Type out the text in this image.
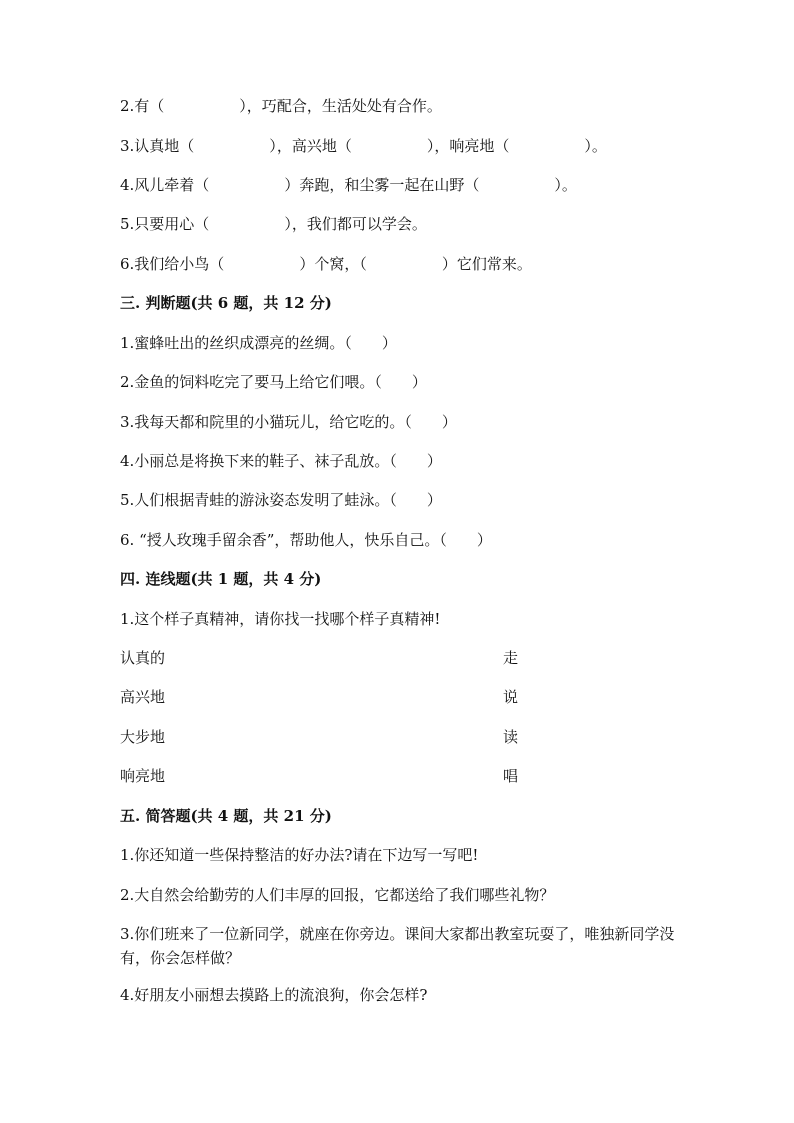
2.有（　　　　　），巧配合，生活处处有合作。
3.认真地（　　　　　），高兴地（　　　　　），响亮地（　　　　　）。
4.风儿牵着（　　　　　）奔跑，和尘雾一起在山野（　　　　　）。
5.只要用心（　　　　　），我们都可以学会。
6.我们给小鸟（　　　　　）个窝，（　　　　　）它们常来。
三. 判断题(共 6 题，共 12 分)
1.蜜蜂吐出的丝织成漂亮的丝绸。（　　）
2.金鱼的饲料吃完了要马上给它们喂。（　　）
3.我每天都和院里的小猫玩儿，给它吃的。（　　）
4.小丽总是将换下来的鞋子、袜子乱放。（　　）
5.人们根据青蛙的游泳姿态发明了蛙泳。（　　）
6. “授人玫瑰手留余香”，帮助他人，快乐自己。（　　）
四. 连线题(共 1 题，共 4 分)
1.这个样子真精神，请你找一找哪个样子真精神!
认真的	走
高兴地	说
大步地	读
响亮地	唱
五. 简答题(共 4 题，共 21 分)
1.你还知道一些保持整洁的好办法?请在下边写一写吧!
2.大自然会给勤劳的人们丰厚的回报，它都送给了我们哪些礼物？
3.你们班来了一位新同学，就座在你旁边。课间大家都出教室玩耍了，唯独新同学没有，你会怎样做？
4.好朋友小丽想去摸路上的流浪狗，你会怎样?
